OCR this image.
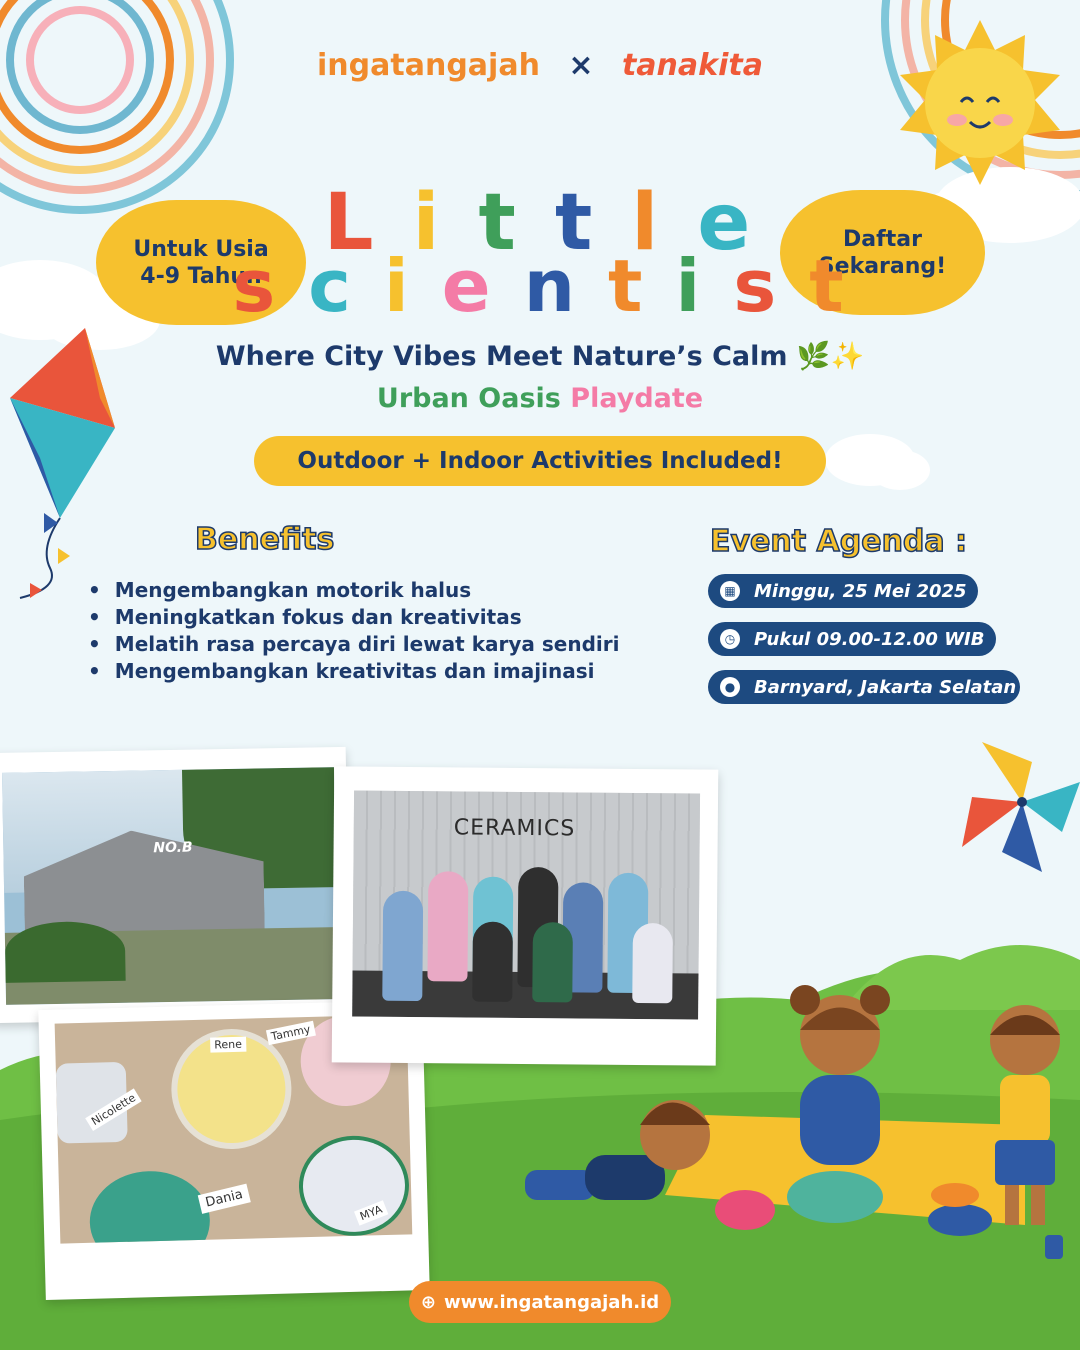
ingatangajah × tanakita
Untuk Usia
4-9 Tahun
Daftar
Sekarang!
L i t t l e
s c i e n t i s t
Where City Vibes Meet Nature’s Calm 🌿✨
Urban Oasis Playdate
Outdoor + Indoor Activities Included!
Benefits
• Mengembangkan motorik halus
• Meningkatkan fokus dan kreativitas
• Melatih rasa percaya diri lewat karya sendiri
• Mengembangkan kreativitas dan imajinasi
Event Agenda :
▦ Minggu, 25 Mei 2025
◷ Pukul 09.00-12.00 WIB
● Barnyard, Jakarta Selatan
NO.B
Rene
Tammy
Nicolette
Dania
MYA
CERAMICS
⊕ www.ingatangajah.id
